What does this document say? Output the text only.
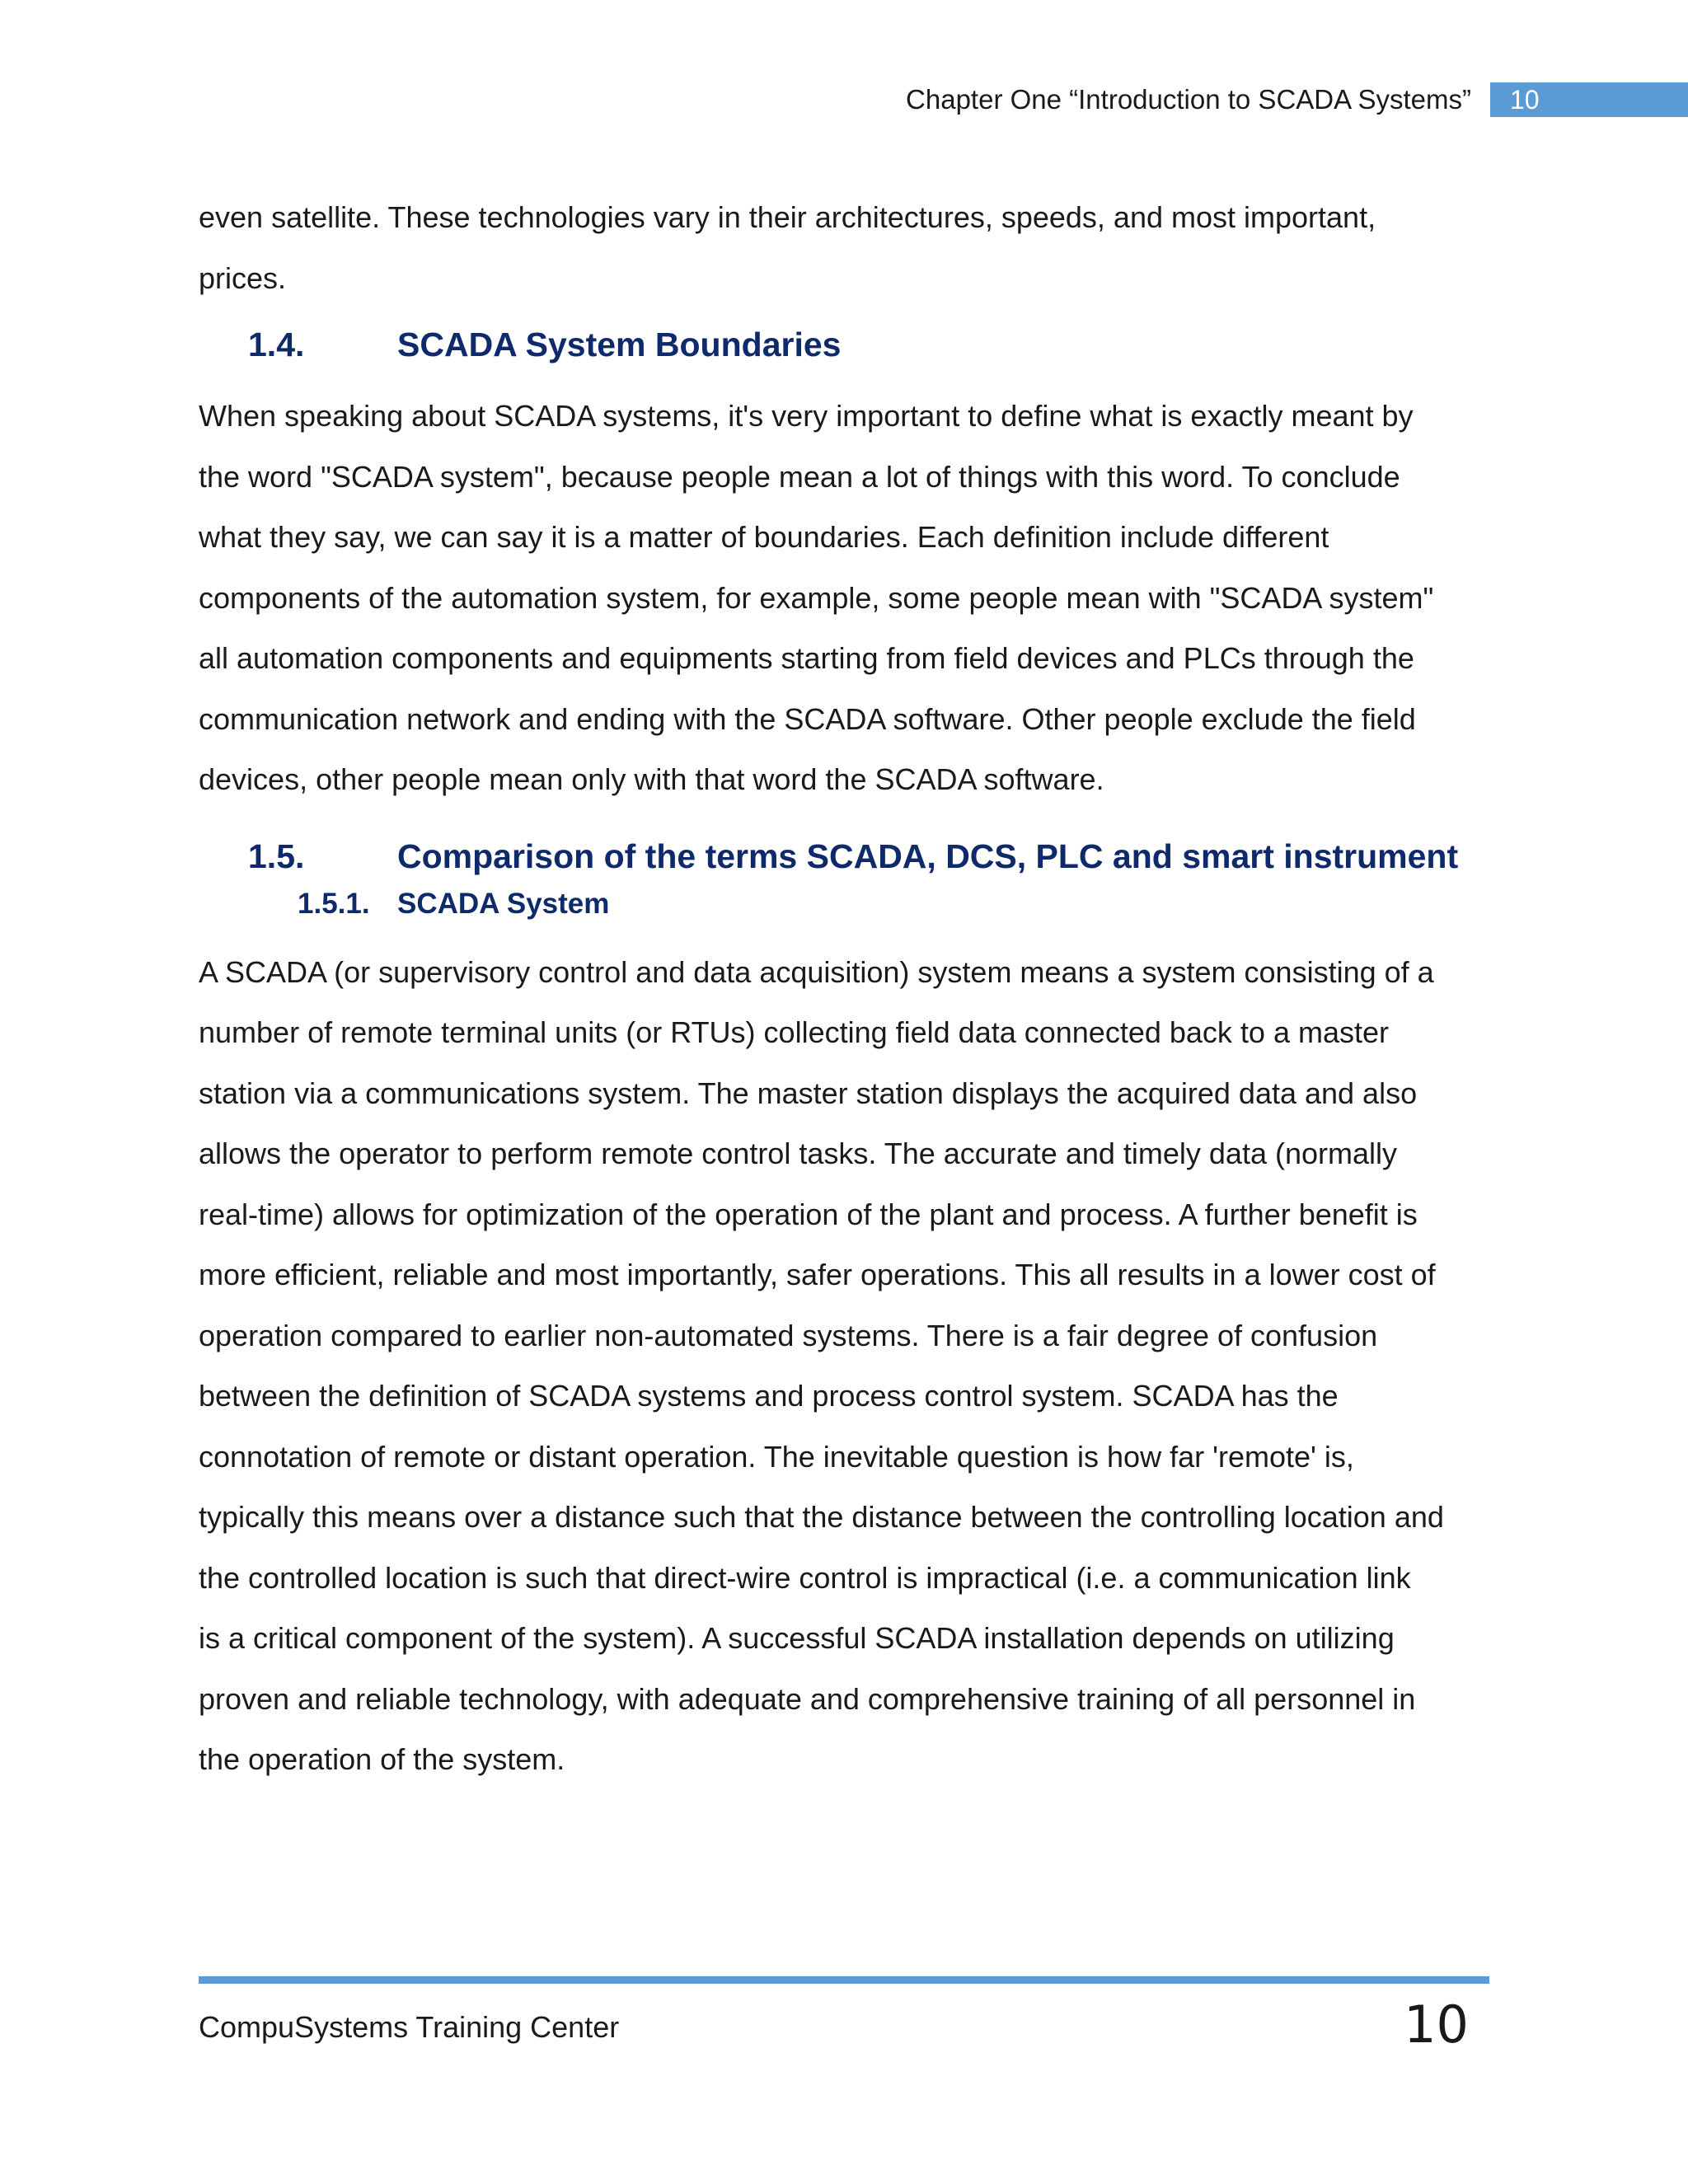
Chapter One “Introduction to SCADA Systems”	10

even satellite. These technologies vary in their architectures, speeds, and most important,
prices.

1.4.	SCADA System Boundaries

When speaking about SCADA systems, it's very important to define what is exactly meant by
the word "SCADA system", because people mean a lot of things with this word. To conclude
what they say, we can say it is a matter of boundaries. Each definition include different
components of the automation system, for example, some people mean with "SCADA system"
all automation components and equipments starting from field devices and PLCs through the
communication network and ending with the SCADA software. Other people exclude the field
devices, other people mean only with that word the SCADA software.

1.5.	Comparison of the terms SCADA, DCS, PLC and smart instrument
1.5.1. SCADA System

A SCADA (or supervisory control and data acquisition) system means a system consisting of a
number of remote terminal units (or RTUs) collecting field data connected back to a master
station via a communications system. The master station displays the acquired data and also
allows the operator to perform remote control tasks. The accurate and timely data (normally
real-time) allows for optimization of the operation of the plant and process. A further benefit is
more efficient, reliable and most importantly, safer operations. This all results in a lower cost of
operation compared to earlier non-automated systems. There is a fair degree of confusion
between the definition of SCADA systems and process control system. SCADA has the
connotation of remote or distant operation. The inevitable question is how far 'remote' is,
typically this means over a distance such that the distance between the controlling location and
the controlled location is such that direct-wire control is impractical (i.e. a communication link
is a critical component of the system). A successful SCADA installation depends on utilizing
proven and reliable technology, with adequate and comprehensive training of all personnel in
the operation of the system.

CompuSystems Training Center	10
